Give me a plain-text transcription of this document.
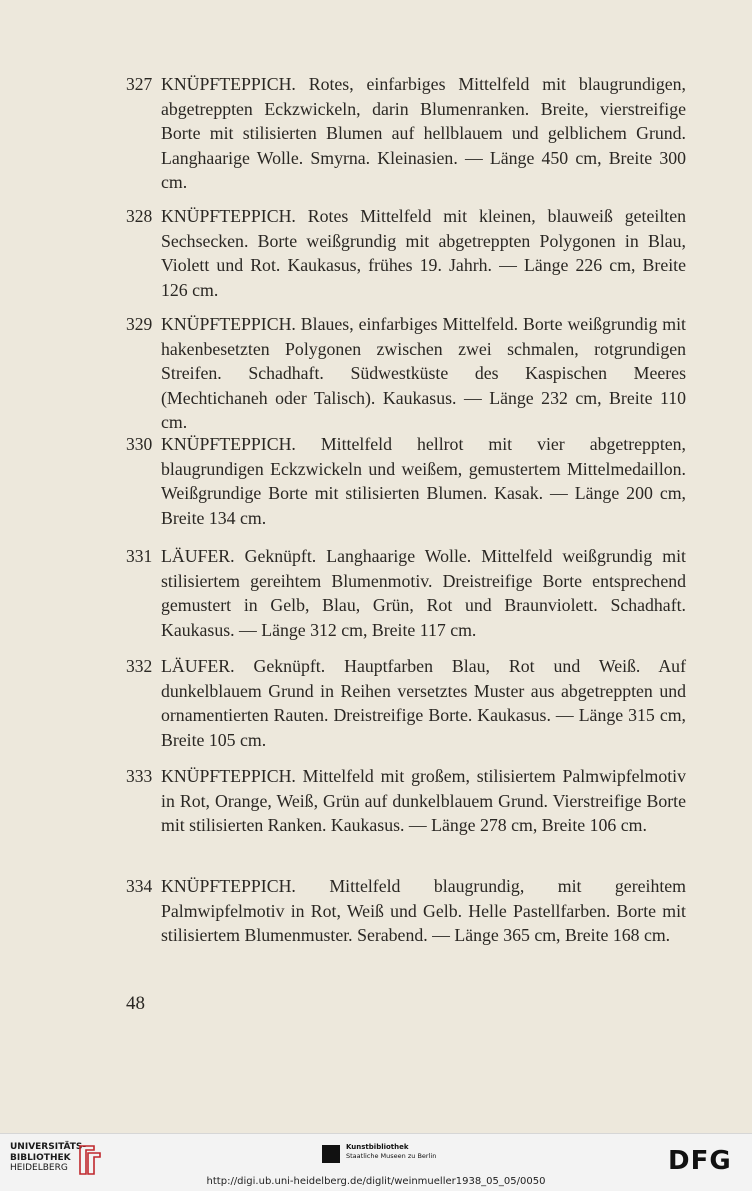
327 KNÜPFTEPPICH. Rotes, einfarbiges Mittelfeld mit blaugrundigen, abgetreppten Eckzwickeln, darin Blumenranken. Breite, vierstreifige Borte mit stilisierten Blumen auf hellblauem und gelblichem Grund. Langhaarige Wolle. Smyrna. Kleinasien. — Länge 450 cm, Breite 300 cm.
328 KNÜPFTEPPICH. Rotes Mittelfeld mit kleinen, blauweiß geteilten Sechsecken. Borte weißgrundig mit abgetreppten Polygonen in Blau, Violett und Rot. Kaukasus, frühes 19. Jahrh. — Länge 226 cm, Breite 126 cm.
329 KNÜPFTEPPICH. Blaues, einfarbiges Mittelfeld. Borte weißgrundig mit hakenbesetzten Polygonen zwischen zwei schmalen, rotgrundigen Streifen. Schadhaft. Südwestküste des Kaspischen Meeres (Mechtichaneh oder Talisch). Kaukasus. — Länge 232 cm, Breite 110 cm.
330 KNÜPFTEPPICH. Mittelfeld hellrot mit vier abgetreppten, blaugrundigen Eckzwickeln und weißem, gemustertem Mittelmedaillon. Weißgrundige Borte mit stilisierten Blumen. Kasak. — Länge 200 cm, Breite 134 cm.
331 LÄUFER. Geknüpft. Langhaarige Wolle. Mittelfeld weißgrundig mit stilisiertem gereihtem Blumenmotiv. Dreistreifige Borte entsprechend gemustert in Gelb, Blau, Grün, Rot und Braunviolett. Schadhaft. Kaukasus. — Länge 312 cm, Breite 117 cm.
332 LÄUFER. Geknüpft. Hauptfarben Blau, Rot und Weiß. Auf dunkelblauem Grund in Reihen versetztes Muster aus abgetreppten und ornamentierten Rauten. Dreistreifige Borte. Kaukasus. — Länge 315 cm, Breite 105 cm.
333 KNÜPFTEPPICH. Mittelfeld mit großem, stilisiertem Palmwipfelmotiv in Rot, Orange, Weiß, Grün auf dunkelblauem Grund. Vierstreifige Borte mit stilisierten Ranken. Kaukasus. — Länge 278 cm, Breite 106 cm.
334 KNÜPFTEPPICH. Mittelfeld blaugrundig, mit gereihtem Palmwipfelmotiv in Rot, Weiß und Gelb. Helle Pastellfarben. Borte mit stilisiertem Blumenmuster. Serabend. — Länge 365 cm, Breite 168 cm.
48
UNIVERSITÄTS-
BIBLIOTHEK
HEIDELBERG
Kunstbibliothek
Staatliche Museen zu Berlin	DFG
http://digi.ub.uni-heidelberg.de/diglit/weinmueller1938_05_05/0050
